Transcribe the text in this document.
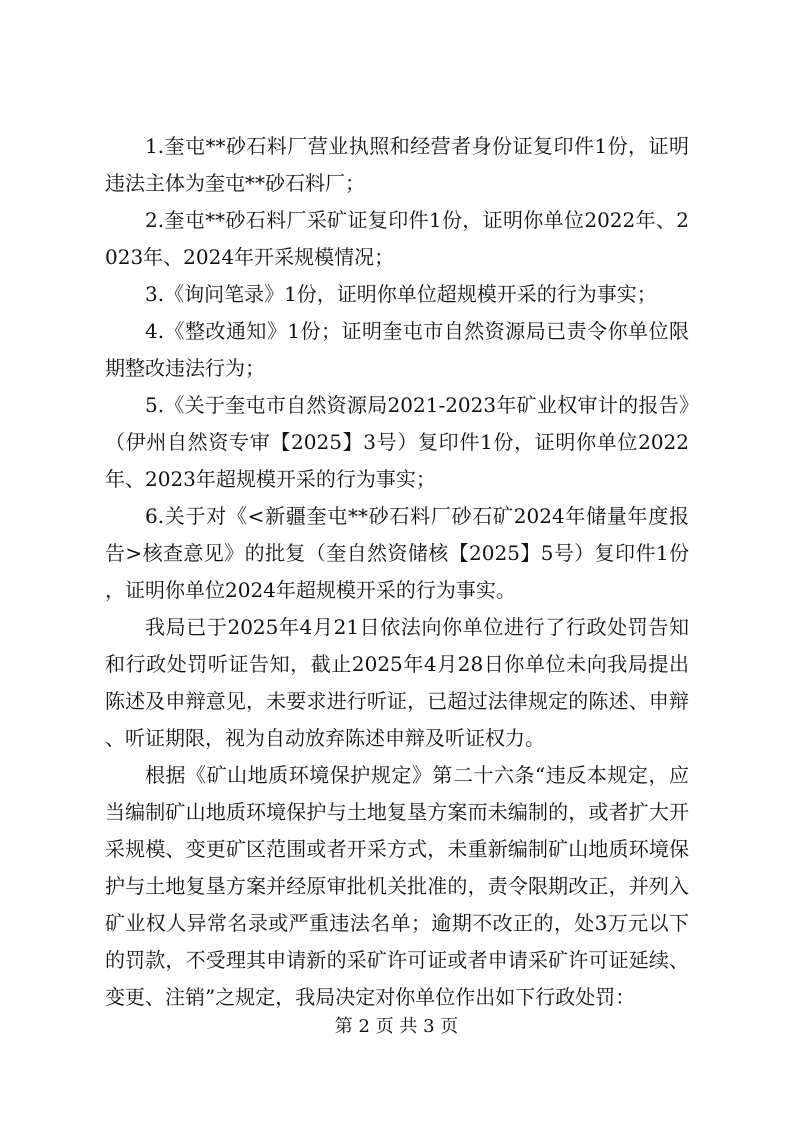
1.奎屯**砂石料厂营业执照和经营者身份证复印件1份，证明违法主体为奎屯**砂石料厂；

2.奎屯**砂石料厂采矿证复印件1份，证明你单位2022年、2023年、2024年开采规模情况；

3.《询问笔录》1份，证明你单位超规模开采的行为事实；

4.《整改通知》1份；证明奎屯市自然资源局已责令你单位限期整改违法行为；

5.《关于奎屯市自然资源局2021-2023年矿业权审计的报告》（伊州自然资专审【2025】3号）复印件1份，证明你单位2022年、2023年超规模开采的行为事实；

6.关于对《<新疆奎屯**砂石料厂砂石矿2024年储量年度报告>核查意见》的批复（奎自然资储核【2025】5号）复印件1份，证明你单位2024年超规模开采的行为事实。

我局已于2025年4月21日依法向你单位进行了行政处罚告知和行政处罚听证告知，截止2025年4月28日你单位未向我局提出陈述及申辩意见，未要求进行听证，已超过法律规定的陈述、申辩、听证期限，视为自动放弃陈述申辩及听证权力。

根据《矿山地质环境保护规定》第二十六条“违反本规定，应当编制矿山地质环境保护与土地复垦方案而未编制的，或者扩大开采规模、变更矿区范围或者开采方式，未重新编制矿山地质环境保护与土地复垦方案并经原审批机关批准的，责令限期改正，并列入矿业权人异常名录或严重违法名单；逾期不改正的，处3万元以下的罚款，不受理其申请新的采矿许可证或者申请采矿许可证延续、变更、注销”之规定，我局决定对你单位作出如下行政处罚：

第 2 页 共 3 页
